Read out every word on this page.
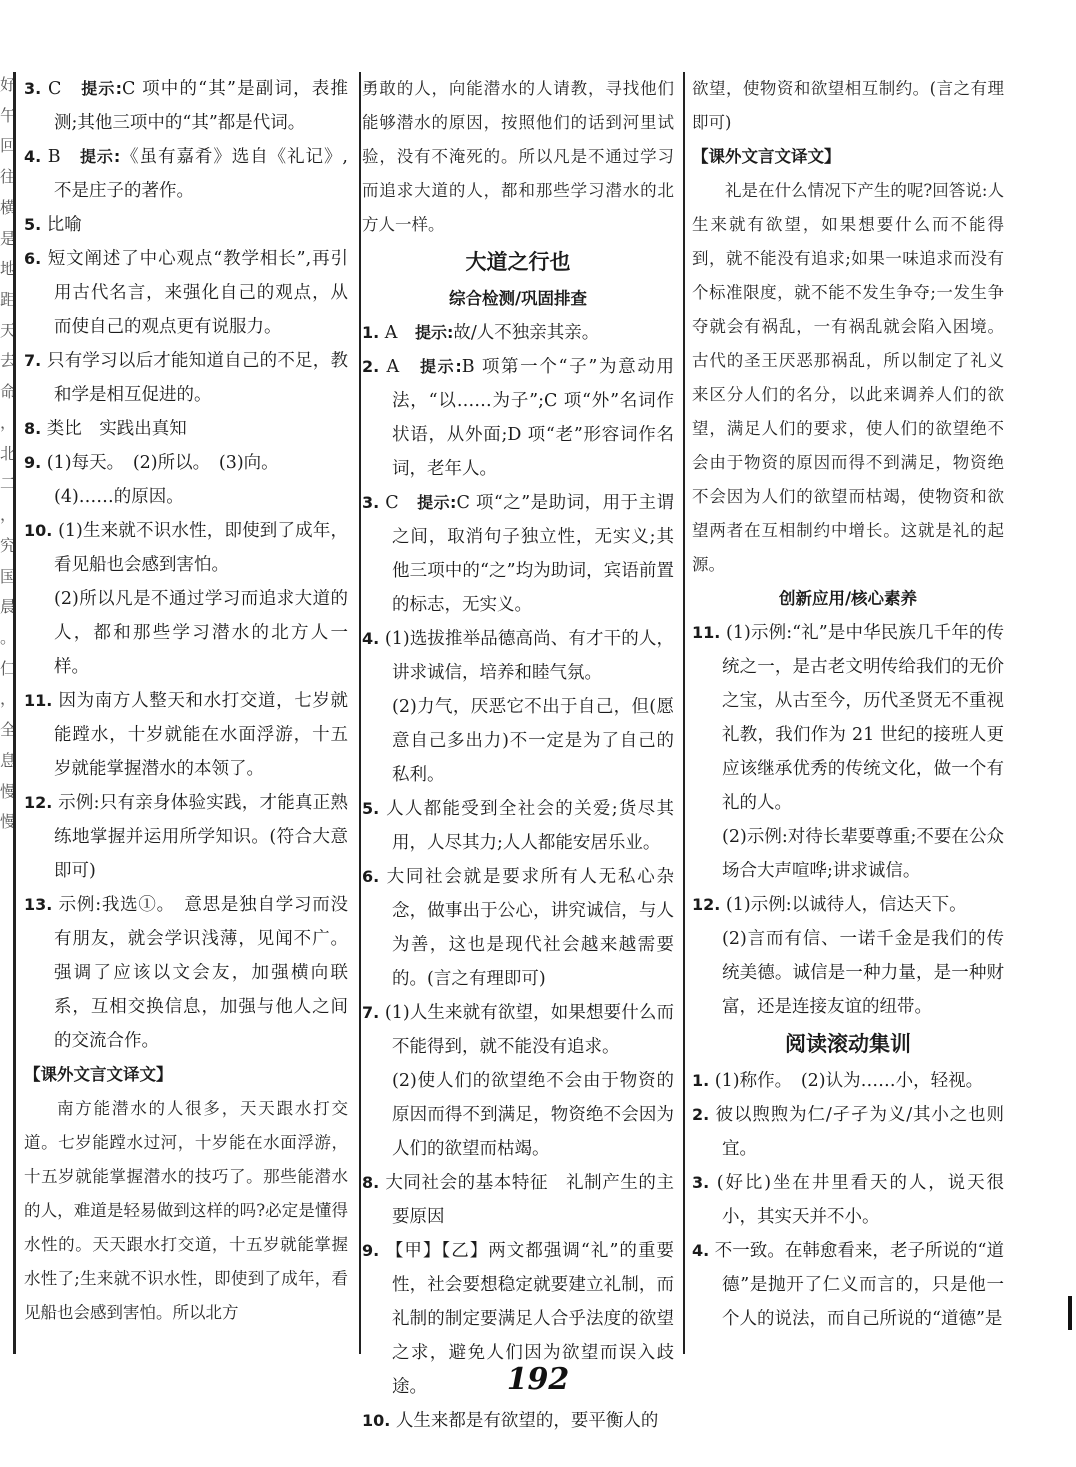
好
午
回
往
横
是
地
距
天
去
命
，
北
二
，
究
国
晨
。
仁
，
全
息
慢
慢

3. C　 提示:C 项中的“其”是副词，表推测;其他三项中的“其”都是代词。

4. B　 提示:《虽有嘉肴》选自《礼记》,不是庄子的著作。

5. 比喻

6. 短文阐述了中心观点“教学相长”,再引用古代名言，来强化自己的观点，从而使自己的观点更有说服力。

7. 只有学习以后才能知道自己的不足，教和学是相互促进的。

8. 类比　实践出真知

9. (1)每天。　(2)所以。　(3)向。

(4)……的原因。

10. (1)生来就不识水性，即使到了成年，看见船也会感到害怕。

(2)所以凡是不通过学习而追求大道的人，都和那些学习潜水的北方人一样。

11. 因为南方人整天和水打交道，七岁就能蹚水，十岁就能在水面浮游，十五岁就能掌握潜水的本领了。

12. 示例:只有亲身体验实践，才能真正熟练地掌握并运用所学知识。(符合大意即可)

13. 示例:我选①。　意思是独自学习而没有朋友，就会学识浅薄，见闻不广。强调了应该以文会友，加强横向联系，互相交换信息，加强与他人之间的交流合作。

【课外文言文译文】

南方能潜水的人很多，天天跟水打交道。七岁能蹚水过河，十岁能在水面浮游，十五岁就能掌握潜水的技巧了。那些能潜水的人，难道是轻易做到这样的吗?必定是懂得水性的。天天跟水打交道，十五岁就能掌握水性了;生来就不识水性，即使到了成年，看见船也会感到害怕。所以北方

勇敢的人，向能潜水的人请教，寻找他们能够潜水的原因，按照他们的话到河里试验，没有不淹死的。所以凡是不通过学习而追求大道的人，都和那些学习潜水的北方人一样。

大道之行也

综合检测/巩固排查

1. A　 提示:故/人不独亲其亲。

2. A　 提示:B 项第一个“子”为意动用法，“以……为子”;C 项“外”名词作状语，从外面;D 项“老”形容词作名词，老年人。

3. C　 提示:C 项“之”是助词，用于主谓之间，取消句子独立性，无实义;其他三项中的“之”均为助词，宾语前置的标志，无实义。

4. (1)选拔推举品德高尚、有才干的人，讲求诚信，培养和睦气氛。

(2)力气，厌恶它不出于自己，但(愿意自己多出力)不一定是为了自己的私利。

5. 人人都能受到全社会的关爱;货尽其用，人尽其力;人人都能安居乐业。

6. 大同社会就是要求所有人无私心杂念，做事出于公心，讲究诚信，与人为善，这也是现代社会越来越需要的。(言之有理即可)

7. (1)人生来就有欲望，如果想要什么而不能得到，就不能没有追求。

(2)使人们的欲望绝不会由于物资的原因而得不到满足，物资绝不会因为人们的欲望而枯竭。

8. 大同社会的基本特征　礼制产生的主要原因

9. 【甲】【乙】两文都强调“礼”的重要性，社会要想稳定就要建立礼制，而礼制的制定要满足人合乎法度的欲望之求，避免人们因为欲望而误入歧途。

10. 人生来都是有欲望的，要平衡人的

欲望，使物资和欲望相互制约。(言之有理即可)

【课外文言文译文】

礼是在什么情况下产生的呢?回答说:人生来就有欲望，如果想要什么而不能得到，就不能没有追求;如果一味追求而没有个标准限度，就不能不发生争夺;一发生争夺就会有祸乱，一有祸乱就会陷入困境。古代的圣王厌恶那祸乱，所以制定了礼义来区分人们的名分，以此来调养人们的欲望，满足人们的要求，使人们的欲望绝不会由于物资的原因而得不到满足，物资绝不会因为人们的欲望而枯竭，使物资和欲望两者在互相制约中增长。这就是礼的起源。

创新应用/核心素养

11. (1)示例:“礼”是中华民族几千年的传统之一，是古老文明传给我们的无价之宝，从古至今，历代圣贤无不重视礼教，我们作为 21 世纪的接班人更应该继承优秀的传统文化，做一个有礼的人。

(2)示例:对待长辈要尊重;不要在公众场合大声喧哗;讲求诚信。

12. (1)示例:以诚待人，信达天下。

(2)言而有信、一诺千金是我们的传统美德。诚信是一种力量，是一种财富，还是连接友谊的纽带。

阅读滚动集训

1. (1)称作。　(2)认为……小，轻视。

2. 彼以煦煦为仁/孑孑为义/其小之也则宜。

3. (好比)坐在井里看天的人，说天很小，其实天并不小。

4. 不一致。在韩愈看来，老子所说的“道德”是抛开了仁义而言的，只是他一个人的说法，而自己所说的“道德”是

192
